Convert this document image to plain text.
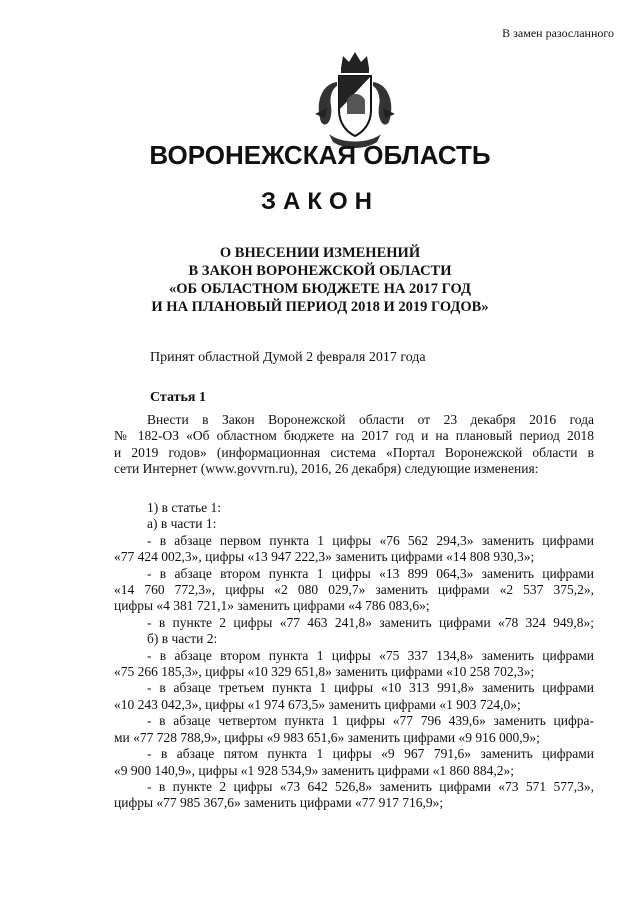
В замен разосланного
ВОРОНЕЖСКАЯ ОБЛАСТЬ
ЗАКОН
О ВНЕСЕНИИ ИЗМЕНЕНИЙ
В ЗАКОН ВОРОНЕЖСКОЙ ОБЛАСТИ
«ОБ ОБЛАСТНОМ БЮДЖЕТЕ НА 2017 ГОД
И НА ПЛАНОВЫЙ ПЕРИОД 2018 И 2019 ГОДОВ»
Принят областной Думой 2 февраля 2017 года
Статья 1
Внести в Закон Воронежской области от 23 декабря 2016 года
№ 182-ОЗ «Об областном бюджете на 2017 год и на плановый период 2018
и 2019 годов» (информационная система «Портал Воронежской области в
сети Интернет (www.govvrn.ru), 2016, 26 декабря) следующие изменения:
1) в статье 1:
а) в части 1:
- в абзаце первом пункта 1 цифры «76 562 294,3» заменить цифрами
«77 424 002,3», цифры «13 947 222,3» заменить цифрами «14 808 930,3»;
- в абзаце втором пункта 1 цифры «13 899 064,3» заменить цифрами
«14 760 772,3», цифры «2 080 029,7» заменить цифрами «2 537 375,2»,
цифры «4 381 721,1» заменить цифрами «4 786 083,6»;
- в пункте 2 цифры «77 463 241,8» заменить цифрами «78 324 949,8»;
б) в части 2:
- в абзаце втором пункта 1 цифры «75 337 134,8» заменить цифрами
«75 266 185,3», цифры «10 329 651,8» заменить цифрами «10 258 702,3»;
- в абзаце третьем пункта 1 цифры «10 313 991,8» заменить цифрами
«10 243 042,3», цифры «1 974 673,5» заменить цифрами «1 903 724,0»;
- в абзаце четвертом пункта 1 цифры «77 796 439,6» заменить цифра-
ми «77 728 788,9», цифры «9 983 651,6» заменить цифрами «9 916 000,9»;
- в абзаце пятом пункта 1 цифры «9 967 791,6» заменить цифрами
«9 900 140,9», цифры «1 928 534,9» заменить цифрами «1 860 884,2»;
- в пункте 2 цифры «73 642 526,8» заменить цифрами «73 571 577,3»,
цифры «77 985 367,6» заменить цифрами «77 917 716,9»;
